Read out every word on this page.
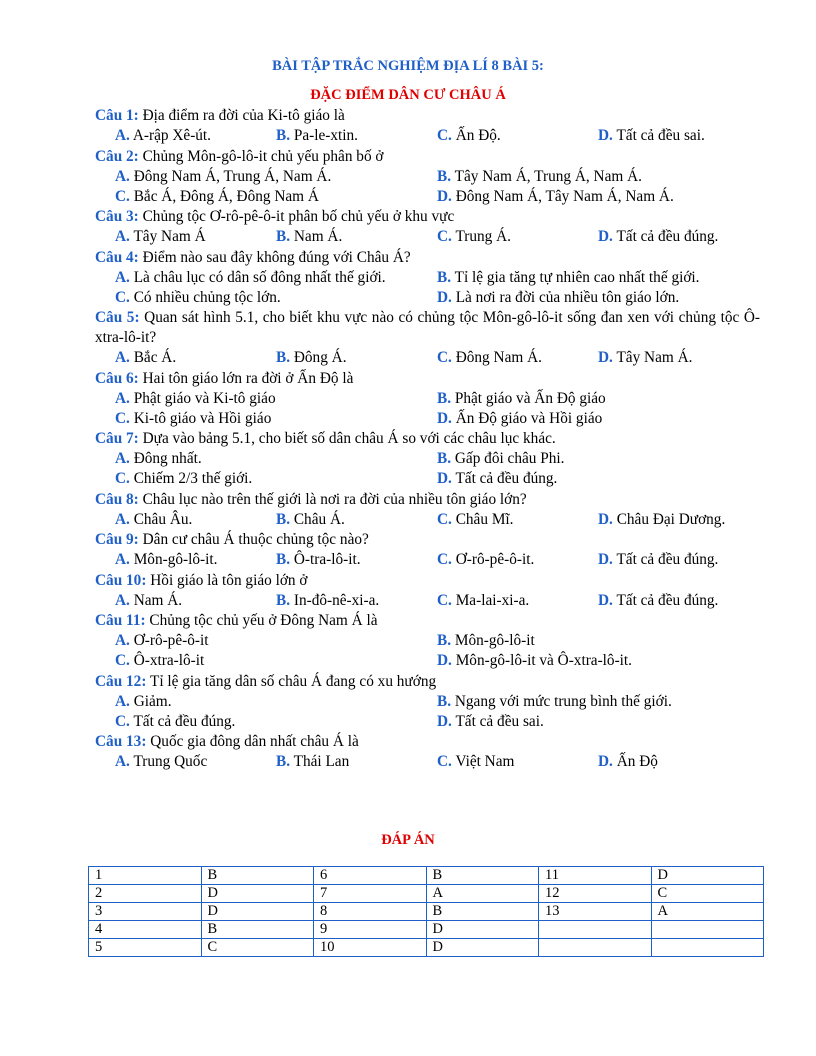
BÀI TẬP TRẮC NGHIỆM ĐỊA LÍ 8 BÀI 5:
ĐẶC ĐIỂM DÂN CƯ CHÂU Á
Câu 1: Địa điểm ra đời của Ki-tô giáo là
A. A-rập Xê-út.	B. Pa-le-xtin.	C. Ấn Độ.	D. Tất cả đều sai.
Câu 2: Chủng Môn-gô-lô-it chủ yếu phân bố ở
A. Đông Nam Á, Trung Á, Nam Á.	B. Tây Nam Á, Trung Á, Nam Á.
C. Bắc Á, Đông Á, Đông Nam Á	D. Đông Nam Á, Tây Nam Á, Nam Á.
Câu 3: Chủng tộc Ơ-rô-pê-ô-it phân bố chủ yếu ở khu vực
A. Tây Nam Á	B. Nam Á.	C. Trung Á.	D. Tất cả đều đúng.
Câu 4: Điểm nào sau đây không đúng với Châu Á?
A. Là châu lục có dân số đông nhất thế giới.	B. Tỉ lệ gia tăng tự nhiên cao nhất thế giới.
C. Có nhiều chủng tộc lớn.	D. Là nơi ra đời của nhiều tôn giáo lớn.
Câu 5: Quan sát hình 5.1, cho biết khu vực nào có chủng tộc Môn-gô-lô-it sống đan xen với chủng tộc Ô-xtra-lô-it?
A. Bắc Á.	B. Đông Á.	C. Đông Nam Á.	D. Tây Nam Á.
Câu 6: Hai tôn giáo lớn ra đời ở Ấn Độ là
A. Phật giáo và Ki-tô giáo	B. Phật giáo và Ấn Độ giáo
C. Ki-tô giáo và Hồi giáo	D. Ấn Độ giáo và Hồi giáo
Câu 7: Dựa vào bảng 5.1, cho biết số dân châu Á so với các châu lục khác.
A. Đông nhất.	B. Gấp đôi châu Phi.
C. Chiếm 2/3 thế giới.	D. Tất cả đều đúng.
Câu 8: Châu lục nào trên thế giới là nơi ra đời của nhiều tôn giáo lớn?
A. Châu Âu.	B. Châu Á.	C. Châu Mĩ.	D. Châu Đại Dương.
Câu 9: Dân cư châu Á thuộc chủng tộc nào?
A. Môn-gô-lô-it.	B. Ô-tra-lô-it.	C. Ơ-rô-pê-ô-it.	D. Tất cả đều đúng.
Câu 10: Hồi giáo là tôn giáo lớn ở
A. Nam Á.	B. In-đô-nê-xi-a.	C. Ma-lai-xi-a.	D. Tất cả đều đúng.
Câu 11: Chủng tộc chủ yếu ở Đông Nam Á là
A. Ơ-rô-pê-ô-it	B. Môn-gô-lô-it
C. Ô-xtra-lô-it	D. Môn-gô-lô-it và Ô-xtra-lô-it.
Câu 12: Tỉ lệ gia tăng dân số châu Á đang có xu hướng
A. Giảm.	B. Ngang với mức trung bình thế giới.
C. Tất cả đều đúng.	D. Tất cả đều sai.
Câu 13: Quốc gia đông dân nhất châu Á là
A. Trung Quốc	B. Thái Lan	C. Việt Nam	D. Ấn Độ
ĐÁP ÁN
1	B	6	B	11	D
2	D	7	A	12	C
3	D	8	B	13	A
4	B	9	D		
5	C	10	D		
